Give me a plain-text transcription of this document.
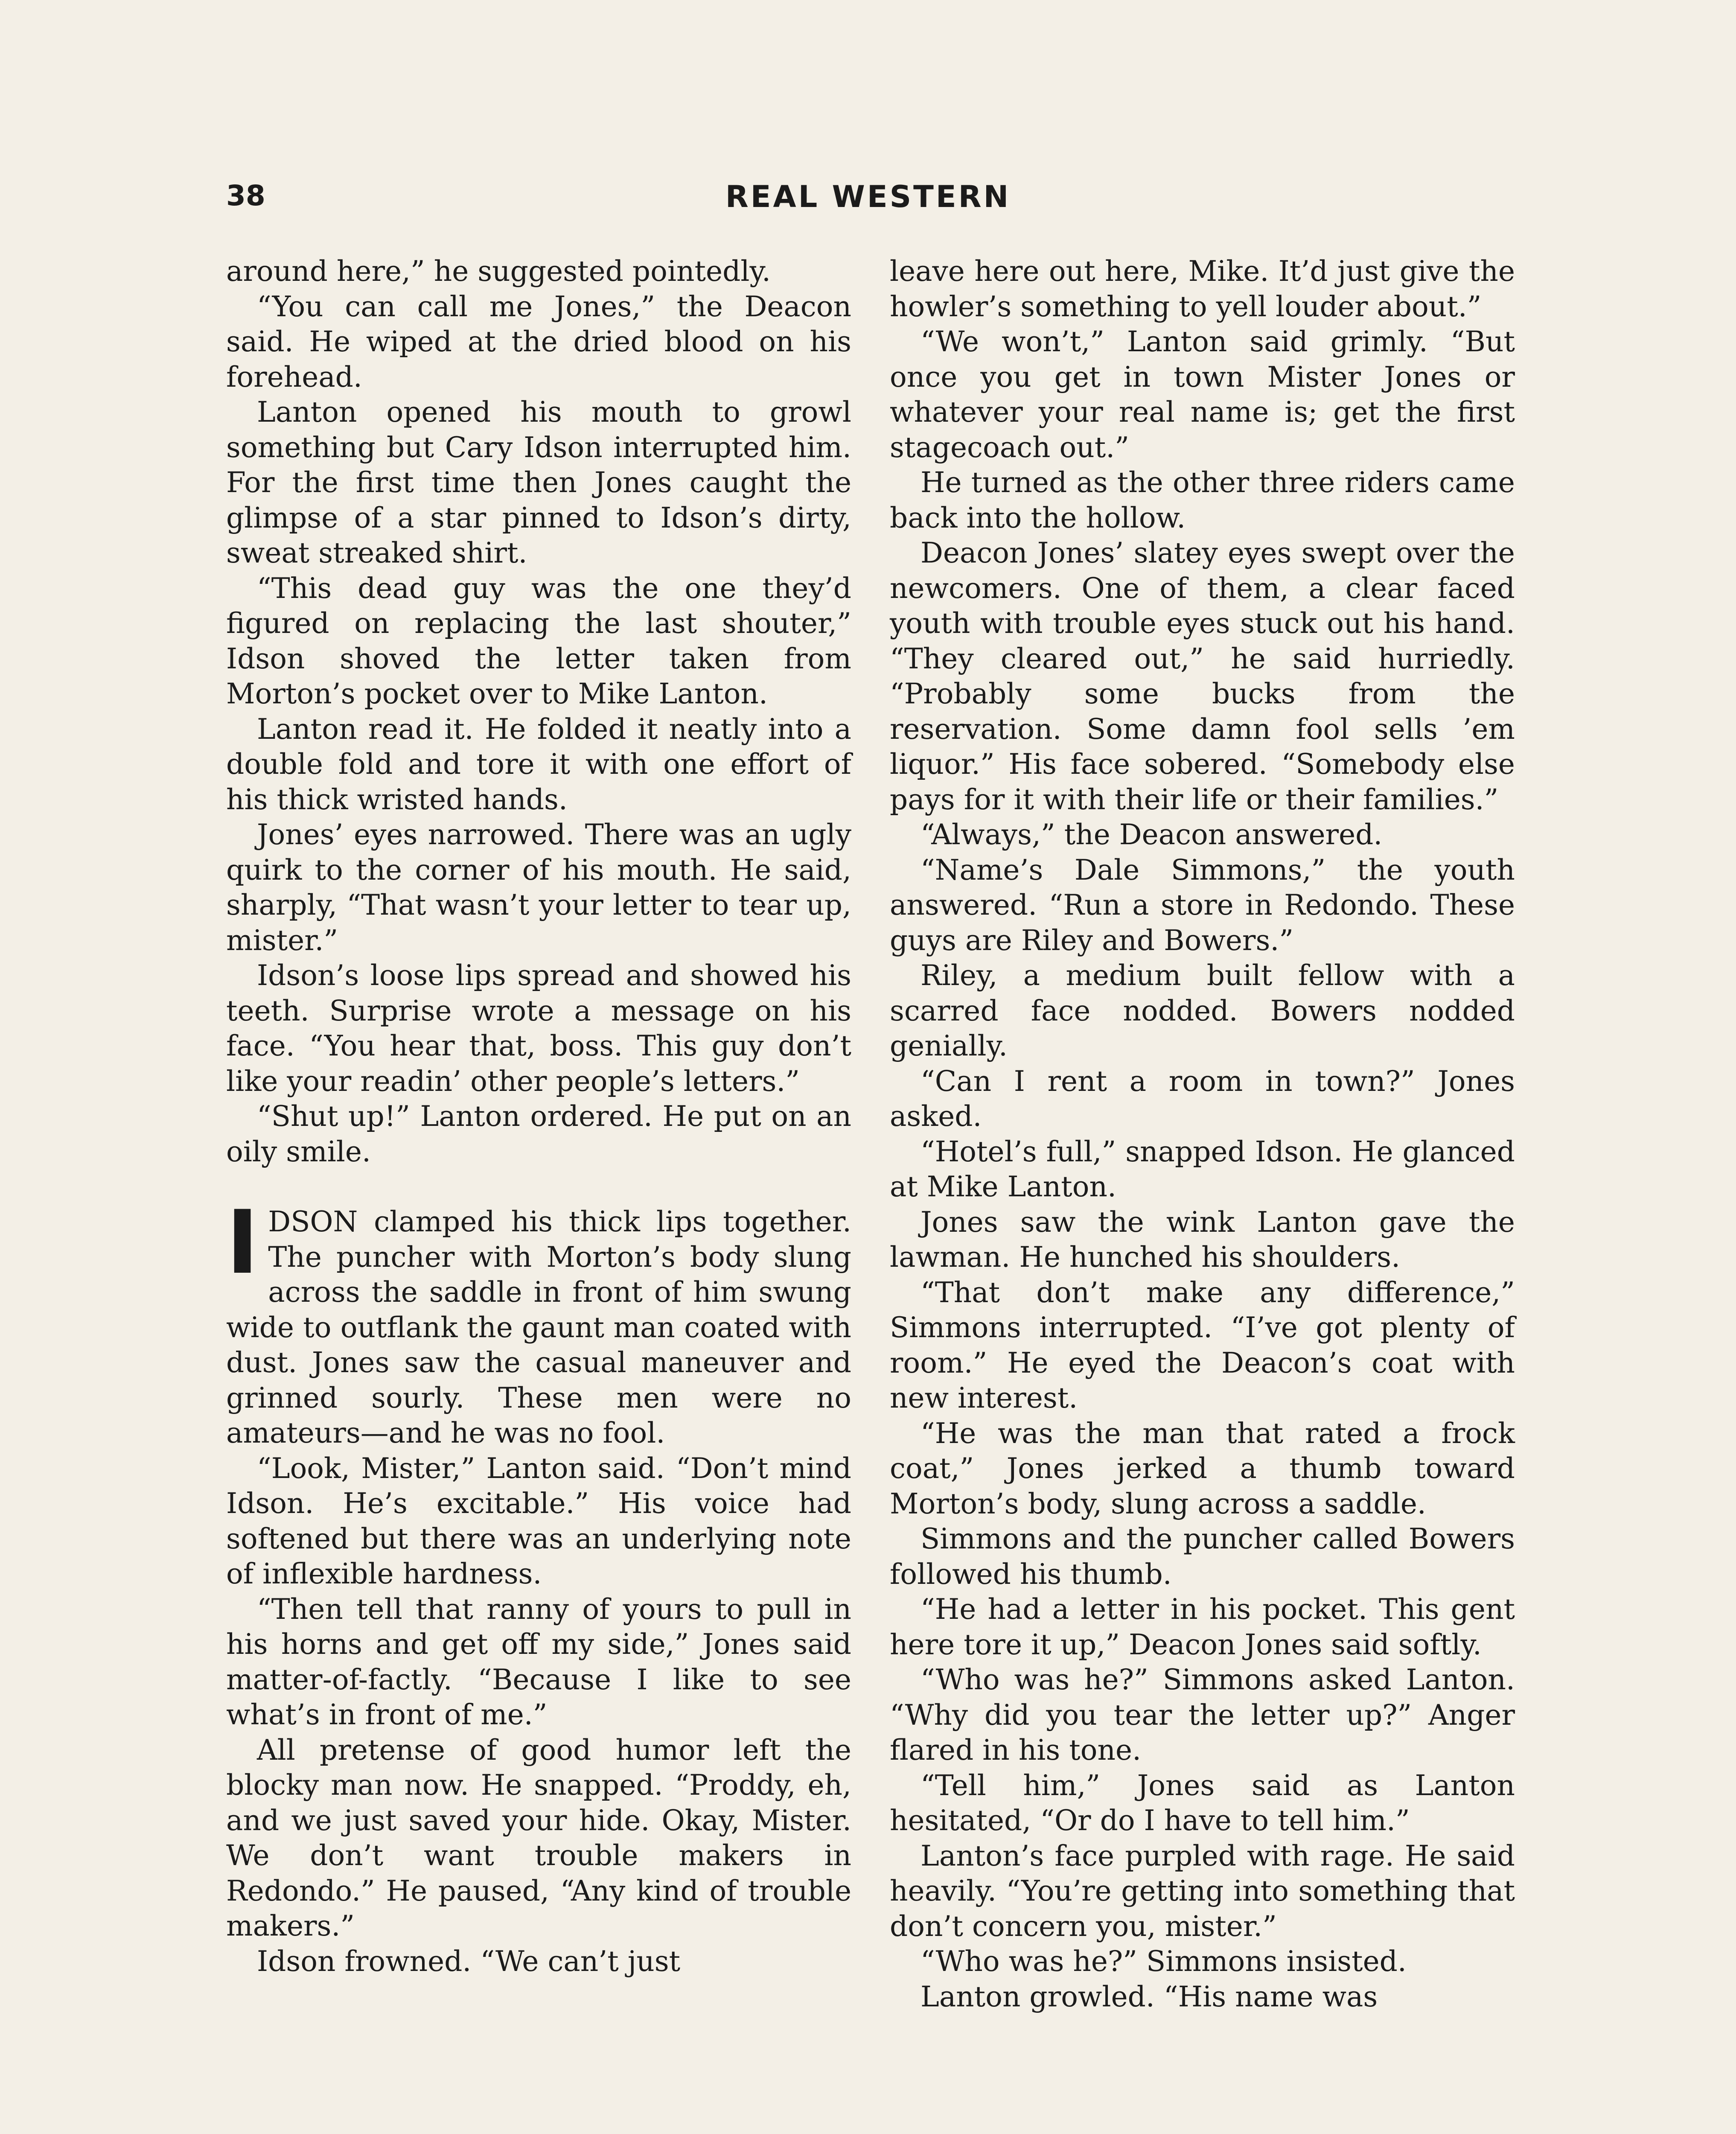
38	REAL WESTERN

around here,” he suggested pointedly.

“You can call me Jones,” the Deacon said. He wiped at the dried blood on his forehead.

Lanton opened his mouth to growl something but Cary Idson interrupted him. For the first time then Jones caught the glimpse of a star pinned to Idson’s dirty, sweat streaked shirt.

“This dead guy was the one they’d figured on replacing the last shouter,” Idson shoved the letter taken from Morton’s pocket over to Mike Lanton.

Lanton read it. He folded it neatly into a double fold and tore it with one effort of his thick wristed hands.

Jones’ eyes narrowed. There was an ugly quirk to the corner of his mouth. He said, sharply, “That wasn’t your letter to tear up, mister.”

Idson’s loose lips spread and showed his teeth. Surprise wrote a message on his face. “You hear that, boss. This guy don’t like your readin’ other people’s letters.”

“Shut up!” Lanton ordered. He put on an oily smile.

IDSON clamped his thick lips together. The puncher with Morton’s body slung across the saddle in front of him swung wide to outflank the gaunt man coated with dust. Jones saw the casual maneuver and grinned sourly. These men were no amateurs—and he was no fool.

“Look, Mister,” Lanton said. “Don’t mind Idson. He’s excitable.” His voice had softened but there was an underlying note of inflexible hardness.

“Then tell that ranny of yours to pull in his horns and get off my side,” Jones said matter-of-factly. “Because I like to see what’s in front of me.”

All pretense of good humor left the blocky man now. He snapped. “Proddy, eh, and we just saved your hide. Okay, Mister. We don’t want trouble makers in Redondo.” He paused, “Any kind of trouble makers.”

Idson frowned. “We can’t just

leave here out here, Mike. It’d just give the howler’s something to yell louder about.”

“We won’t,” Lanton said grimly. “But once you get in town Mister Jones or whatever your real name is; get the first stagecoach out.”

He turned as the other three riders came back into the hollow.

Deacon Jones’ slatey eyes swept over the newcomers. One of them, a clear faced youth with trouble eyes stuck out his hand. “They cleared out,” he said hurriedly. “Probably some bucks from the reservation. Some damn fool sells ’em liquor.” His face sobered. “Somebody else pays for it with their life or their families.”

“Always,” the Deacon answered.

“Name’s Dale Simmons,” the youth answered. “Run a store in Redondo. These guys are Riley and Bowers.”

Riley, a medium built fellow with a scarred face nodded. Bowers nodded genially.

“Can I rent a room in town?” Jones asked.

“Hotel’s full,” snapped Idson. He glanced at Mike Lanton.

Jones saw the wink Lanton gave the lawman. He hunched his shoulders.

“That don’t make any difference,” Simmons interrupted. “I’ve got plenty of room.” He eyed the Deacon’s coat with new interest.

“He was the man that rated a frock coat,” Jones jerked a thumb toward Morton’s body, slung across a saddle.

Simmons and the puncher called Bowers followed his thumb.

“He had a letter in his pocket. This gent here tore it up,” Deacon Jones said softly.

“Who was he?” Simmons asked Lanton. “Why did you tear the letter up?” Anger flared in his tone.

“Tell him,” Jones said as Lanton hesitated, “Or do I have to tell him.”

Lanton’s face purpled with rage. He said heavily. “You’re getting into something that don’t concern you, mister.”

“Who was he?” Simmons insisted.

Lanton growled. “His name was
